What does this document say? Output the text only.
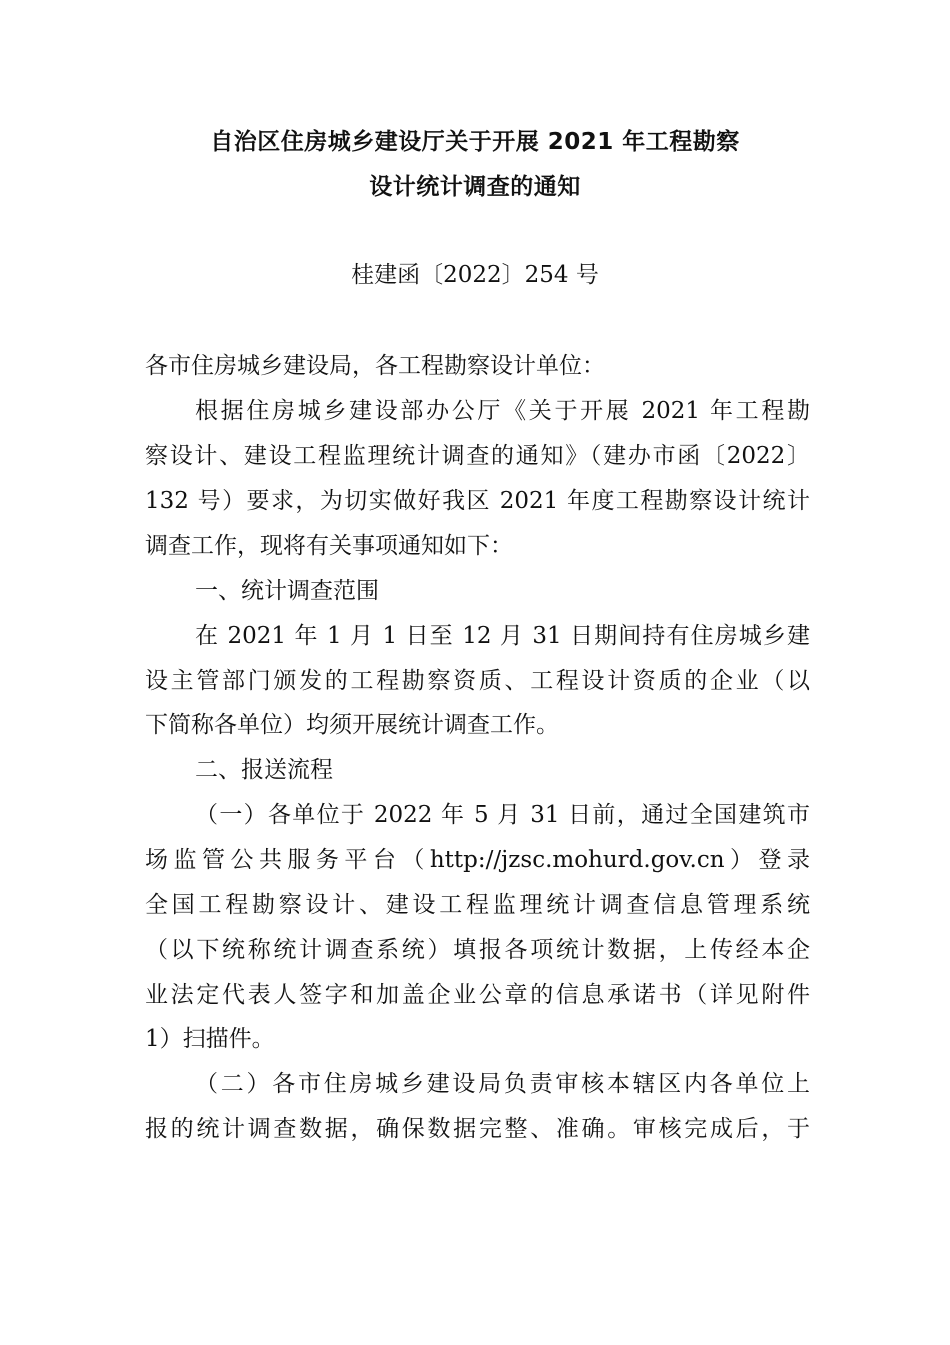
自治区住房城乡建设厅关于开展 2021 年工程勘察
设计统计调查的通知
桂建函〔2022〕254 号
各市住房城乡建设局，各工程勘察设计单位：
根据住房城乡建设部办公厅《关于开展 2021 年工程勘
察设计、建设工程监理统计调查的通知》（建办市函〔2022〕
132 号）要求，为切实做好我区 2021 年度工程勘察设计统计
调查工作，现将有关事项通知如下：
一、统计调查范围
在 2021 年 1 月 1 日至 12 月 31 日期间持有住房城乡建
设主管部门颁发的工程勘察资质、工程设计资质的企业（以
下简称各单位）均须开展统计调查工作。
二、报送流程
（一）各单位于 2022 年 5 月 31 日前，通过全国建筑市
场监管公共服务平台（http://jzsc.mohurd.gov.cn）登录
全国工程勘察设计、建设工程监理统计调查信息管理系统
（以下统称统计调查系统）填报各项统计数据，上传经本企
业法定代表人签字和加盖企业公章的信息承诺书（详见附件
1）扫描件。
（二）各市住房城乡建设局负责审核本辖区内各单位上
报的统计调查数据，确保数据完整、准确。审核完成后，于
